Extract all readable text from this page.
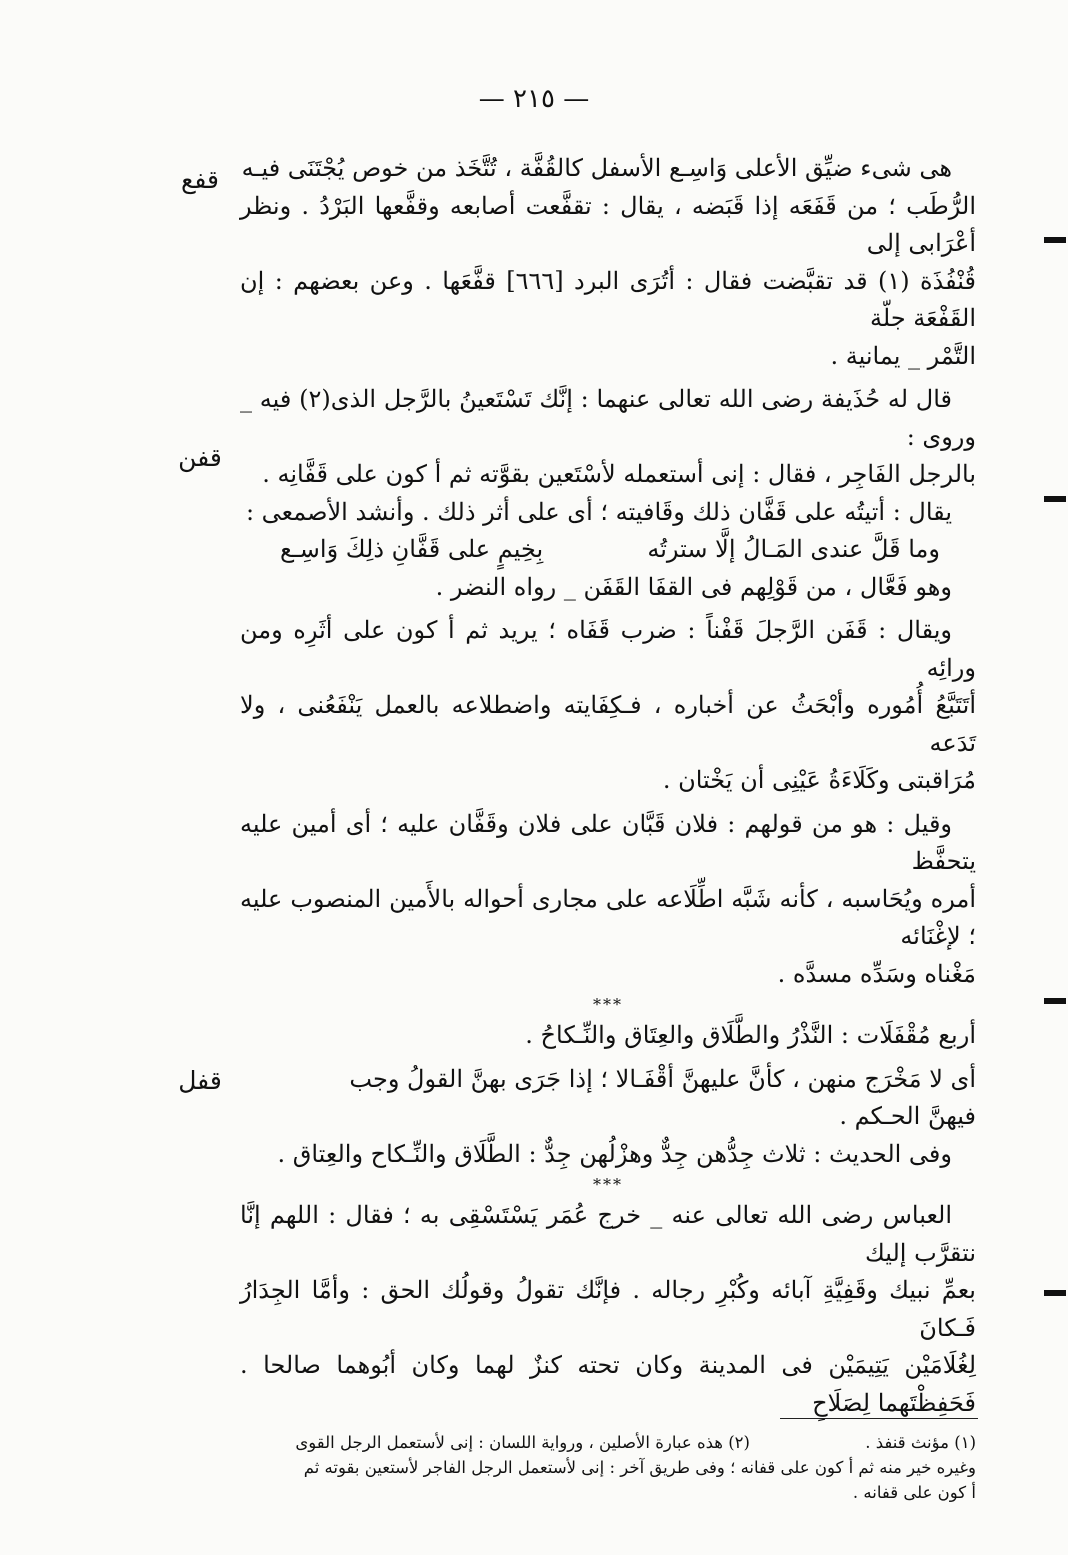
— ٢١٥ —
قفع
قفن
قفل

هى شىء ضيِّق الأعلى وَاسِـع الأسفل كالقُفَّة ، تُتَّخَذ من خوص يُجْتَنَى فيـه

الرُّطَب ؛ من قَفَعَه إذا قَبَضه ، يقال : تقفَّعت أصابعه وقفَّعها البَرْدُ . ونظر أعْرَابى إلى

قُنْفُذَة (١) قد تقبَّضت فقال : أتُرَى البرد [٦٦٦] قفَّعَها . وعن بعضهم : إن القَفْعَة جلّة

التَّمْر _ يمانية .

قال له حُذَيفة رضى الله تعالى عنهما : إنَّك تَسْتَعينُ بالرَّجل الذى(٢) فيه _ وروى :

بالرجل الفَاجِر ، فقال : إنى أستعمله لأسْتَعين بقوَّته ثم أ كون على قَفَّانِه .

يقال : أتيتُه على قَفَّان ذلك وقَافيته ؛ أى على أثر ذلك . وأنشد الأصمعى :

وما قَلَّ عندى المَـالُ إلَّا سترتُه
بِخِيمٍ على قَفَّانِ ذلِكَ وَاسِـع

وهو فَعَّال ، من قَوْلِهم فى القفَا القَفَن _ رواه النضر .

ويقال : قَفَن الرَّجلَ قَفْناً : ضرب قَفَاه ؛ يريد ثم أ كون على أثَرِه ومن ورائِه

أتَتَبَّعُ أُمُوره وأبْحَثُ عن أخباره ، فـكِفَايته واضطلاعه بالعمل يَنْفَعُنى ، ولا تَدَعه

مُرَاقبتى وكَلَاءَةُ عَيْنِى أن يَخْتان .

وقيل : هو من قولهم : فلان قَبَّان على فلان وقَفَّان عليه ؛ أى أمين عليه يتحفَّظ

أمره ويُحَاسبه ، كأنه شَبَّه اطِّلَاعه على مجارى أحواله بالأَمين المنصوب عليه ؛ لإغْنَائه

مَغْناه وسَدِّه مسدَّه .

***

أربع مُقْفَلَات : النَّذْرُ والطَّلَاق والعِتَاق والنِّـكاحُ .

أى لا مَخْرَج منهن ، كأنَّ عليهنَّ أقْفَـالا ؛ إذا جَرَى بهنَّ القولُ وجب

فيهنَّ الحـكم .

وفى الحديث : ثلاث جِدُّهن جِدٌّ وهزْلُهن جِدٌّ : الطَّلَاق والنِّـكاح والعِتاق .

***

العباس رضى الله تعالى عنه _ خرج عُمَر يَسْتَسْقِى به ؛ فقال : اللهم إنَّا نتقرَّب إليك

بعمِّ نبيك وقَفِيَّةِ آبائه وكُبْرِ رجاله . فإنَّك تقولُ وقولُك الحق : وأمَّا الجِدَارُ فَـكانَ

لِغُلَامَيْن يَتِيمَيْن فى المدينة وكان تحته كنزٌ لهما وكان أبُوهما صالحا . فَحَفِظْتَهما لِصَلَاحِ

(١) مؤنث قنفذ . (٢) هذه عبارة الأصلين ، ورواية اللسان : إنى لأستعمل الرجل القوى

وغيره خير منه ثم أ كون على قفانه ؛ وفى طريق آخر : إنى لأستعمل الرجل الفاجر لأستعين بقوته ثم

أ كون على قفانه .
